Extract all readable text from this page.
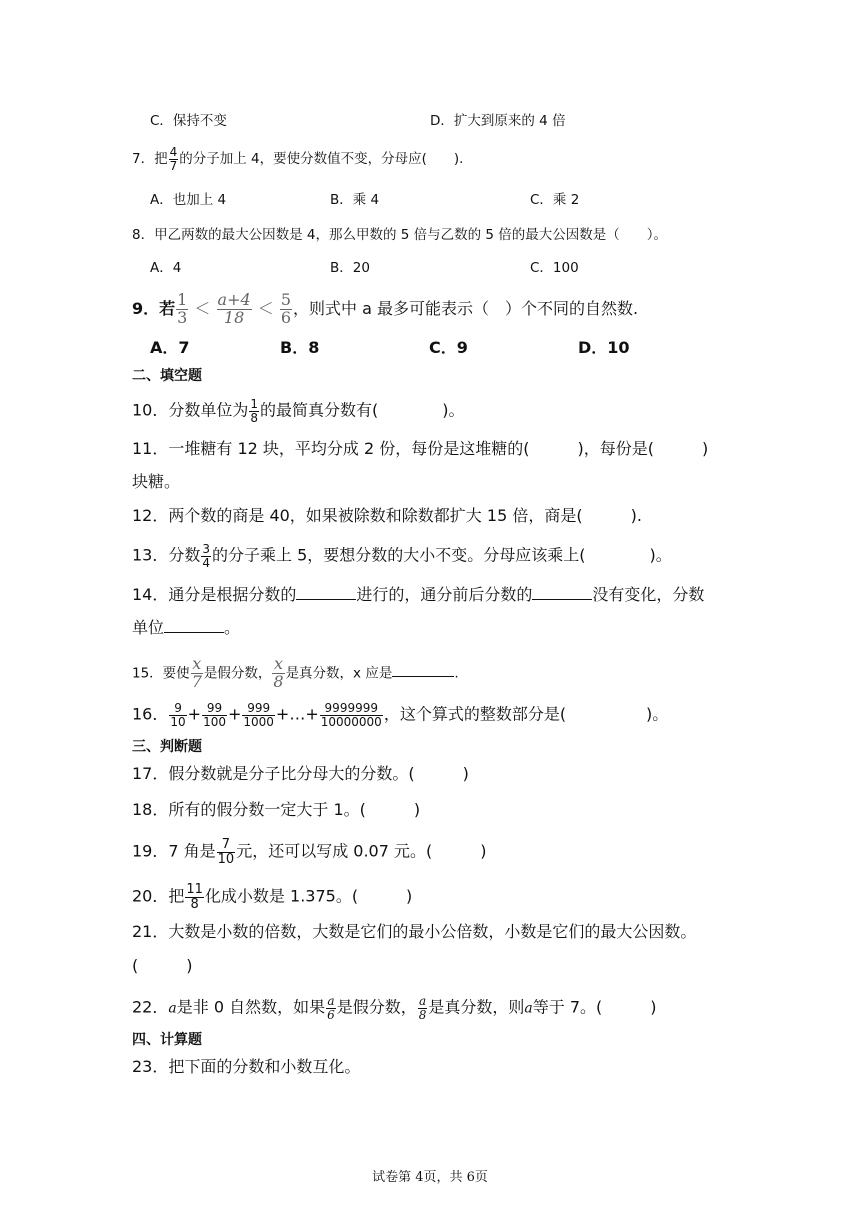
C．保持不变	D．扩大到原来的 4 倍
7．把 $\frac{4}{7}$ 的分子加上 4，要使分数值不变，分母应(　　).
A．也加上 4	B．乘 4	C．乘 2
8．甲乙两数的最大公因数是 4，那么甲数的 5 倍与乙数的 5 倍的最大公因数是（　　）。
A．4	B．20	C．100
9．若 $\frac{1}{3} < \frac{a+4}{18} < \frac{5}{6}$ ，则式中 a 最多可能表示（　）个不同的自然数.
A．7	B．8	C．9	D．10
二、填空题
10．分数单位为 $\frac{1}{8}$ 的最简真分数有(　　　　)。
11．一堆糖有 12 块，平均分成 2 份，每份是这堆糖的(　　　)，每份是(　　　)
块糖。
12．两个数的商是 40，如果被除数和除数都扩大 15 倍，商是(　　　).
13．分数 $\frac{3}{4}$ 的分子乘上 5，要想分数的大小不变。分母应该乘上(　　　　)。
14．通分是根据分数的	进行的，通分前后分数的	没有变化，分数
单位	。
15．要使 $\frac{x}{7}$ 是假分数， $\frac{x}{8}$ 是真分数，x 应是	.
16． $\frac{9}{10} + \frac{99}{100} + \frac{999}{1000}$ +…+ $\frac{9999999}{10000000}$ ，这个算式的整数部分是(　　　　　)。
三、判断题
17．假分数就是分子比分母大的分数。(　　　)
18．所有的假分数一定大于 1。(　　　)
19．7 角是 $\frac{7}{10}$ 元，还可以写成 0.07 元。(　　　)
20．把 $\frac{11}{8}$ 化成小数是 1.375。(　　　)
21．大数是小数的倍数，大数是它们的最小公倍数，小数是它们的最大公因数。
(　　　)
22．a是非 0 自然数，如果 $\frac{a}{6}$ 是假分数， $\frac{a}{8}$ 是真分数，则a等于 7。(　　　)
四、计算题
23．把下面的分数和小数互化。
试卷第 4页，共 6页
